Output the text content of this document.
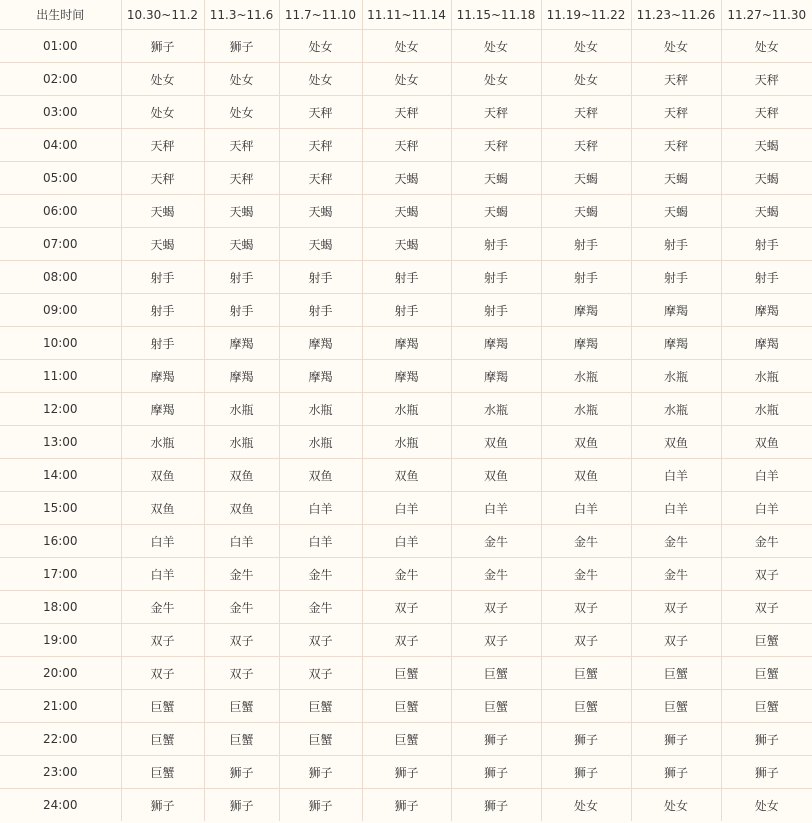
出生时间	10.30~11.2	11.3~11.6	11.7~11.10	11.11~11.14	11.15~11.18	11.19~11.22	11.23~11.26	11.27~11.30
01:00	狮子	狮子	处女	处女	处女	处女	处女	处女
02:00	处女	处女	处女	处女	处女	处女	天秤	天秤
03:00	处女	处女	天秤	天秤	天秤	天秤	天秤	天秤
04:00	天秤	天秤	天秤	天秤	天秤	天秤	天秤	天蝎
05:00	天秤	天秤	天秤	天蝎	天蝎	天蝎	天蝎	天蝎
06:00	天蝎	天蝎	天蝎	天蝎	天蝎	天蝎	天蝎	天蝎
07:00	天蝎	天蝎	天蝎	天蝎	射手	射手	射手	射手
08:00	射手	射手	射手	射手	射手	射手	射手	射手
09:00	射手	射手	射手	射手	射手	摩羯	摩羯	摩羯
10:00	射手	摩羯	摩羯	摩羯	摩羯	摩羯	摩羯	摩羯
11:00	摩羯	摩羯	摩羯	摩羯	摩羯	水瓶	水瓶	水瓶
12:00	摩羯	水瓶	水瓶	水瓶	水瓶	水瓶	水瓶	水瓶
13:00	水瓶	水瓶	水瓶	水瓶	双鱼	双鱼	双鱼	双鱼
14:00	双鱼	双鱼	双鱼	双鱼	双鱼	双鱼	白羊	白羊
15:00	双鱼	双鱼	白羊	白羊	白羊	白羊	白羊	白羊
16:00	白羊	白羊	白羊	白羊	金牛	金牛	金牛	金牛
17:00	白羊	金牛	金牛	金牛	金牛	金牛	金牛	双子
18:00	金牛	金牛	金牛	双子	双子	双子	双子	双子
19:00	双子	双子	双子	双子	双子	双子	双子	巨蟹
20:00	双子	双子	双子	巨蟹	巨蟹	巨蟹	巨蟹	巨蟹
21:00	巨蟹	巨蟹	巨蟹	巨蟹	巨蟹	巨蟹	巨蟹	巨蟹
22:00	巨蟹	巨蟹	巨蟹	巨蟹	狮子	狮子	狮子	狮子
23:00	巨蟹	狮子	狮子	狮子	狮子	狮子	狮子	狮子
24:00	狮子	狮子	狮子	狮子	狮子	处女	处女	处女
